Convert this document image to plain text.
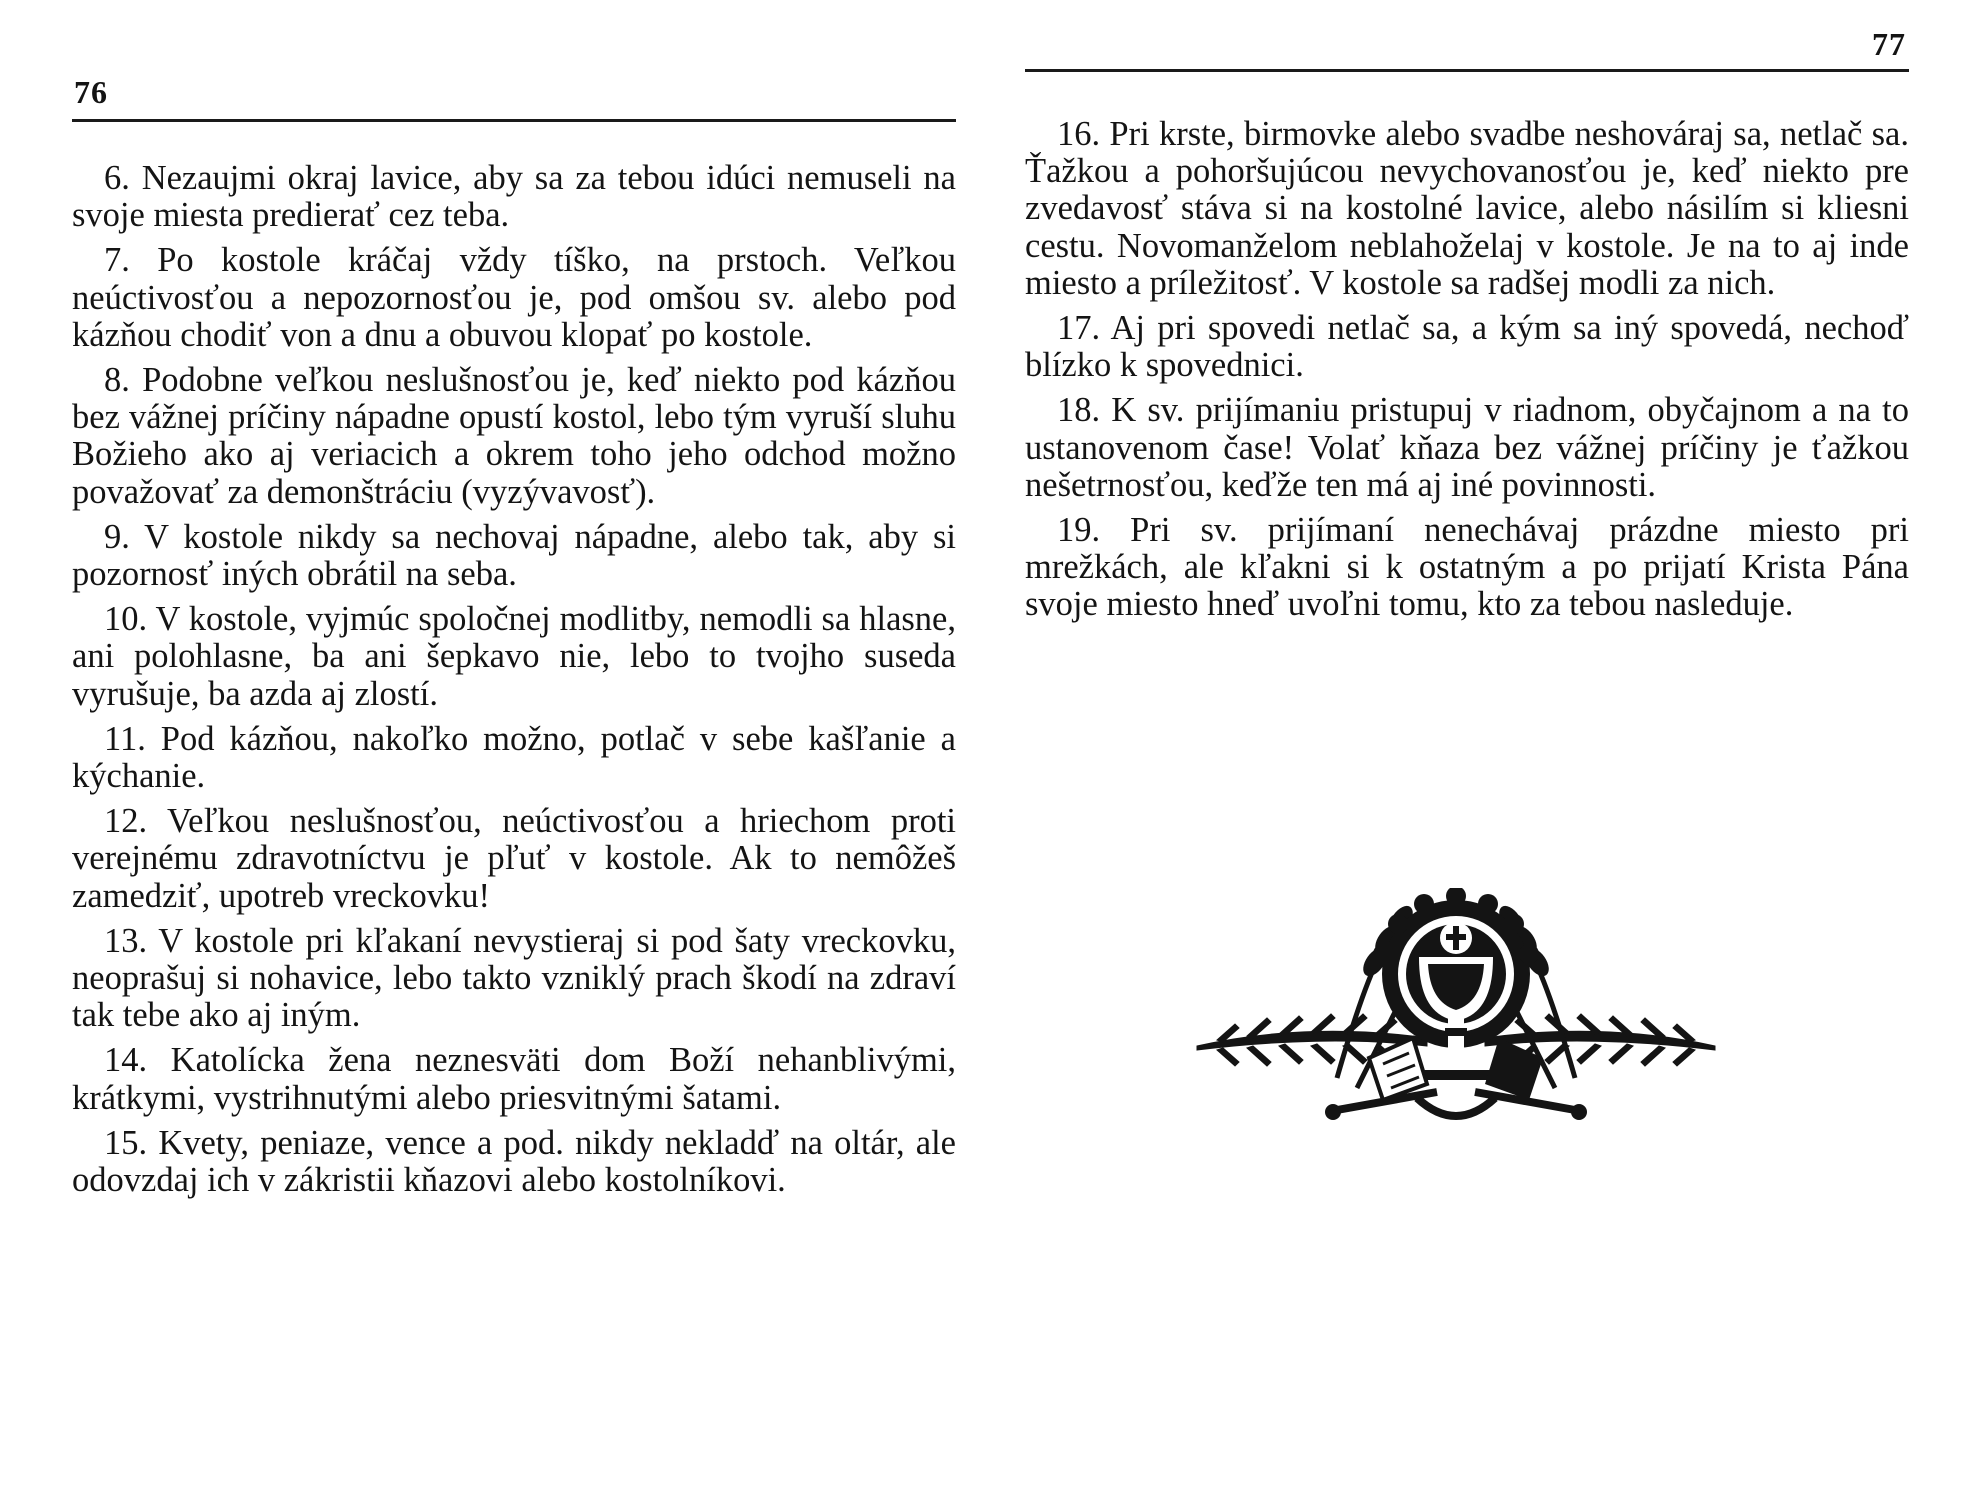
76

6. Nezaujmi okraj lavice, aby sa za tebou idúci nemuseli na svoje miesta predierať cez teba.

7. Po kostole kráčaj vždy tíško, na prstoch. Veľkou neúctivosťou a nepozornosťou je, pod omšou sv. alebo pod kázňou chodiť von a dnu a obuvou klopať po kostole.

8. Podobne veľkou neslušnosťou je, keď niekto pod kázňou bez vážnej príčiny nápadne opustí kostol, lebo tým vyruší sluhu Božieho ako aj veriacich a okrem toho jeho odchod možno považovať za demonštráciu (vyzývavosť).

9. V kostole nikdy sa nechovaj nápadne, alebo tak, aby si pozornosť iných obrátil na seba.

10. V kostole, vyjmúc spoločnej modlitby, nemodli sa hlasne, ani polohlasne, ba ani šepkavo nie, lebo to tvojho suseda vyrušuje, ba azda aj zlostí.

11. Pod kázňou, nakoľko možno, potlač v sebe kašľanie a kýchanie.

12. Veľkou neslušnosťou, neúctivosťou a hriechom proti verejnému zdravotníctvu je pľuť v kostole. Ak to nemôžeš zamedziť, upotreb vreckovku!

13. V kostole pri kľakaní nevystieraj si pod šaty vreckovku, neoprašuj si nohavice, lebo takto vzniklý prach škodí na zdraví tak tebe ako aj iným.

14. Katolícka žena neznesväti dom Boží nehanblivými, krátkymi, vystrihnutými alebo priesvitnými šatami.

15. Kvety, peniaze, vence a pod. nikdy nekladď na oltár, ale odovzdaj ich v zákristii kňazovi alebo kostolníkovi.

77

16. Pri krste, birmovke alebo svadbe neshováraj sa, netlač sa. Ťažkou a pohoršujúcou nevychovanosťou je, keď niekto pre zvedavosť stáva si na kostolné lavice, alebo násilím si kliesni cestu. Novomanželom neblahoželaj v kostole. Je na to aj inde miesto a príležitosť. V kostole sa radšej modli za nich.

17. Aj pri spovedi netlač sa, a kým sa iný spovedá, nechoď blízko k spovednici.

18. K sv. prijímaniu pristupuj v riadnom, obyčajnom a na to ustanovenom čase! Volať kňaza bez vážnej príčiny je ťažkou nešetrnosťou, keďže ten má aj iné povinnosti.

19. Pri sv. prijímaní nenechávaj prázdne miesto pri mrežkách, ale kľakni si k ostatným a po prijatí Krista Pána svoje miesto hneď uvoľni tomu, kto za tebou nasleduje.
